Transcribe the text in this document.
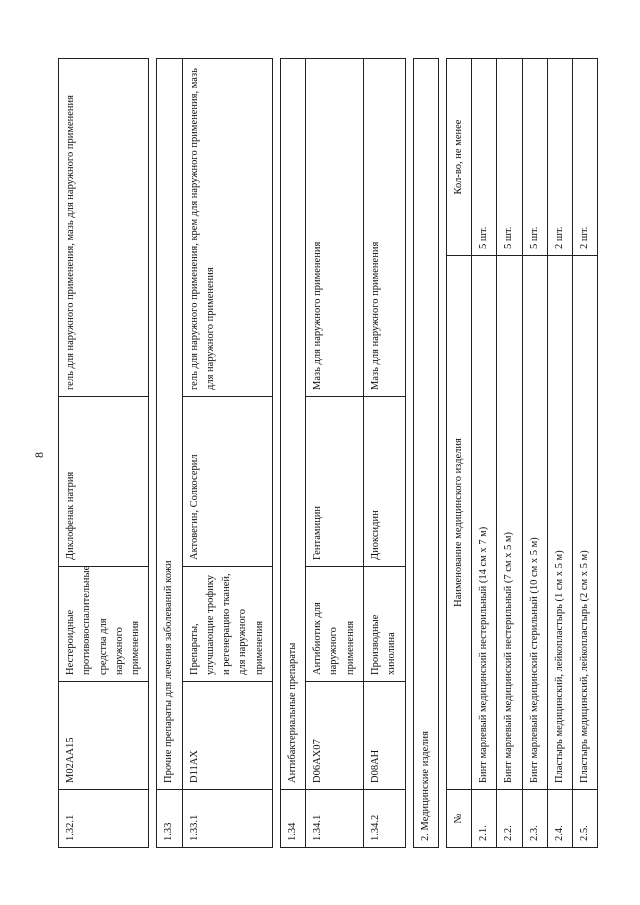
8
1.32.1	M02AA15	Нестероидные противовоспалительные средства для наружного применения	Диклофенак натрия	гель для наружного применения, мазь для наружного применения

1.33	Прочие препараты для лечения заболеваний кожи			
1.33.1	D11AX	Препараты, улучшающие трофику и регенерацию тканей, для наружного применения	Актовегин, Солкосерил	гель для наружного применения, крем для наружного применения, мазь для наружного применения

1.34	Антибактериальные препараты			
1.34.1	D06AX07	Антибиотик для наружного применения	Гентамицин	Мазь для наружного применения
1.34.2	D08AH	Производные хинолина	Диоксидин	Мазь для наружного применения

2. Медицинские изделия		

№	Наименование медицинского изделия	Кол-во, не менее
2.1.	Бинт марлевый медицинский нестерильный (14 см х 7 м)	5 шт.
2.2.	Бинт марлевый медицинский нестерильный (7 см х 5 м)	5 шт.
2.3.	Бинт марлевый медицинский стерильный (10 см х 5 м)	5 шт.
2.4.	Пластырь медицинский, лейкопластырь (1 см х 5 м)	2 шт.
2.5.	Пластырь медицинский, лейкопластырь (2 см х 5 м)	2 шт.
